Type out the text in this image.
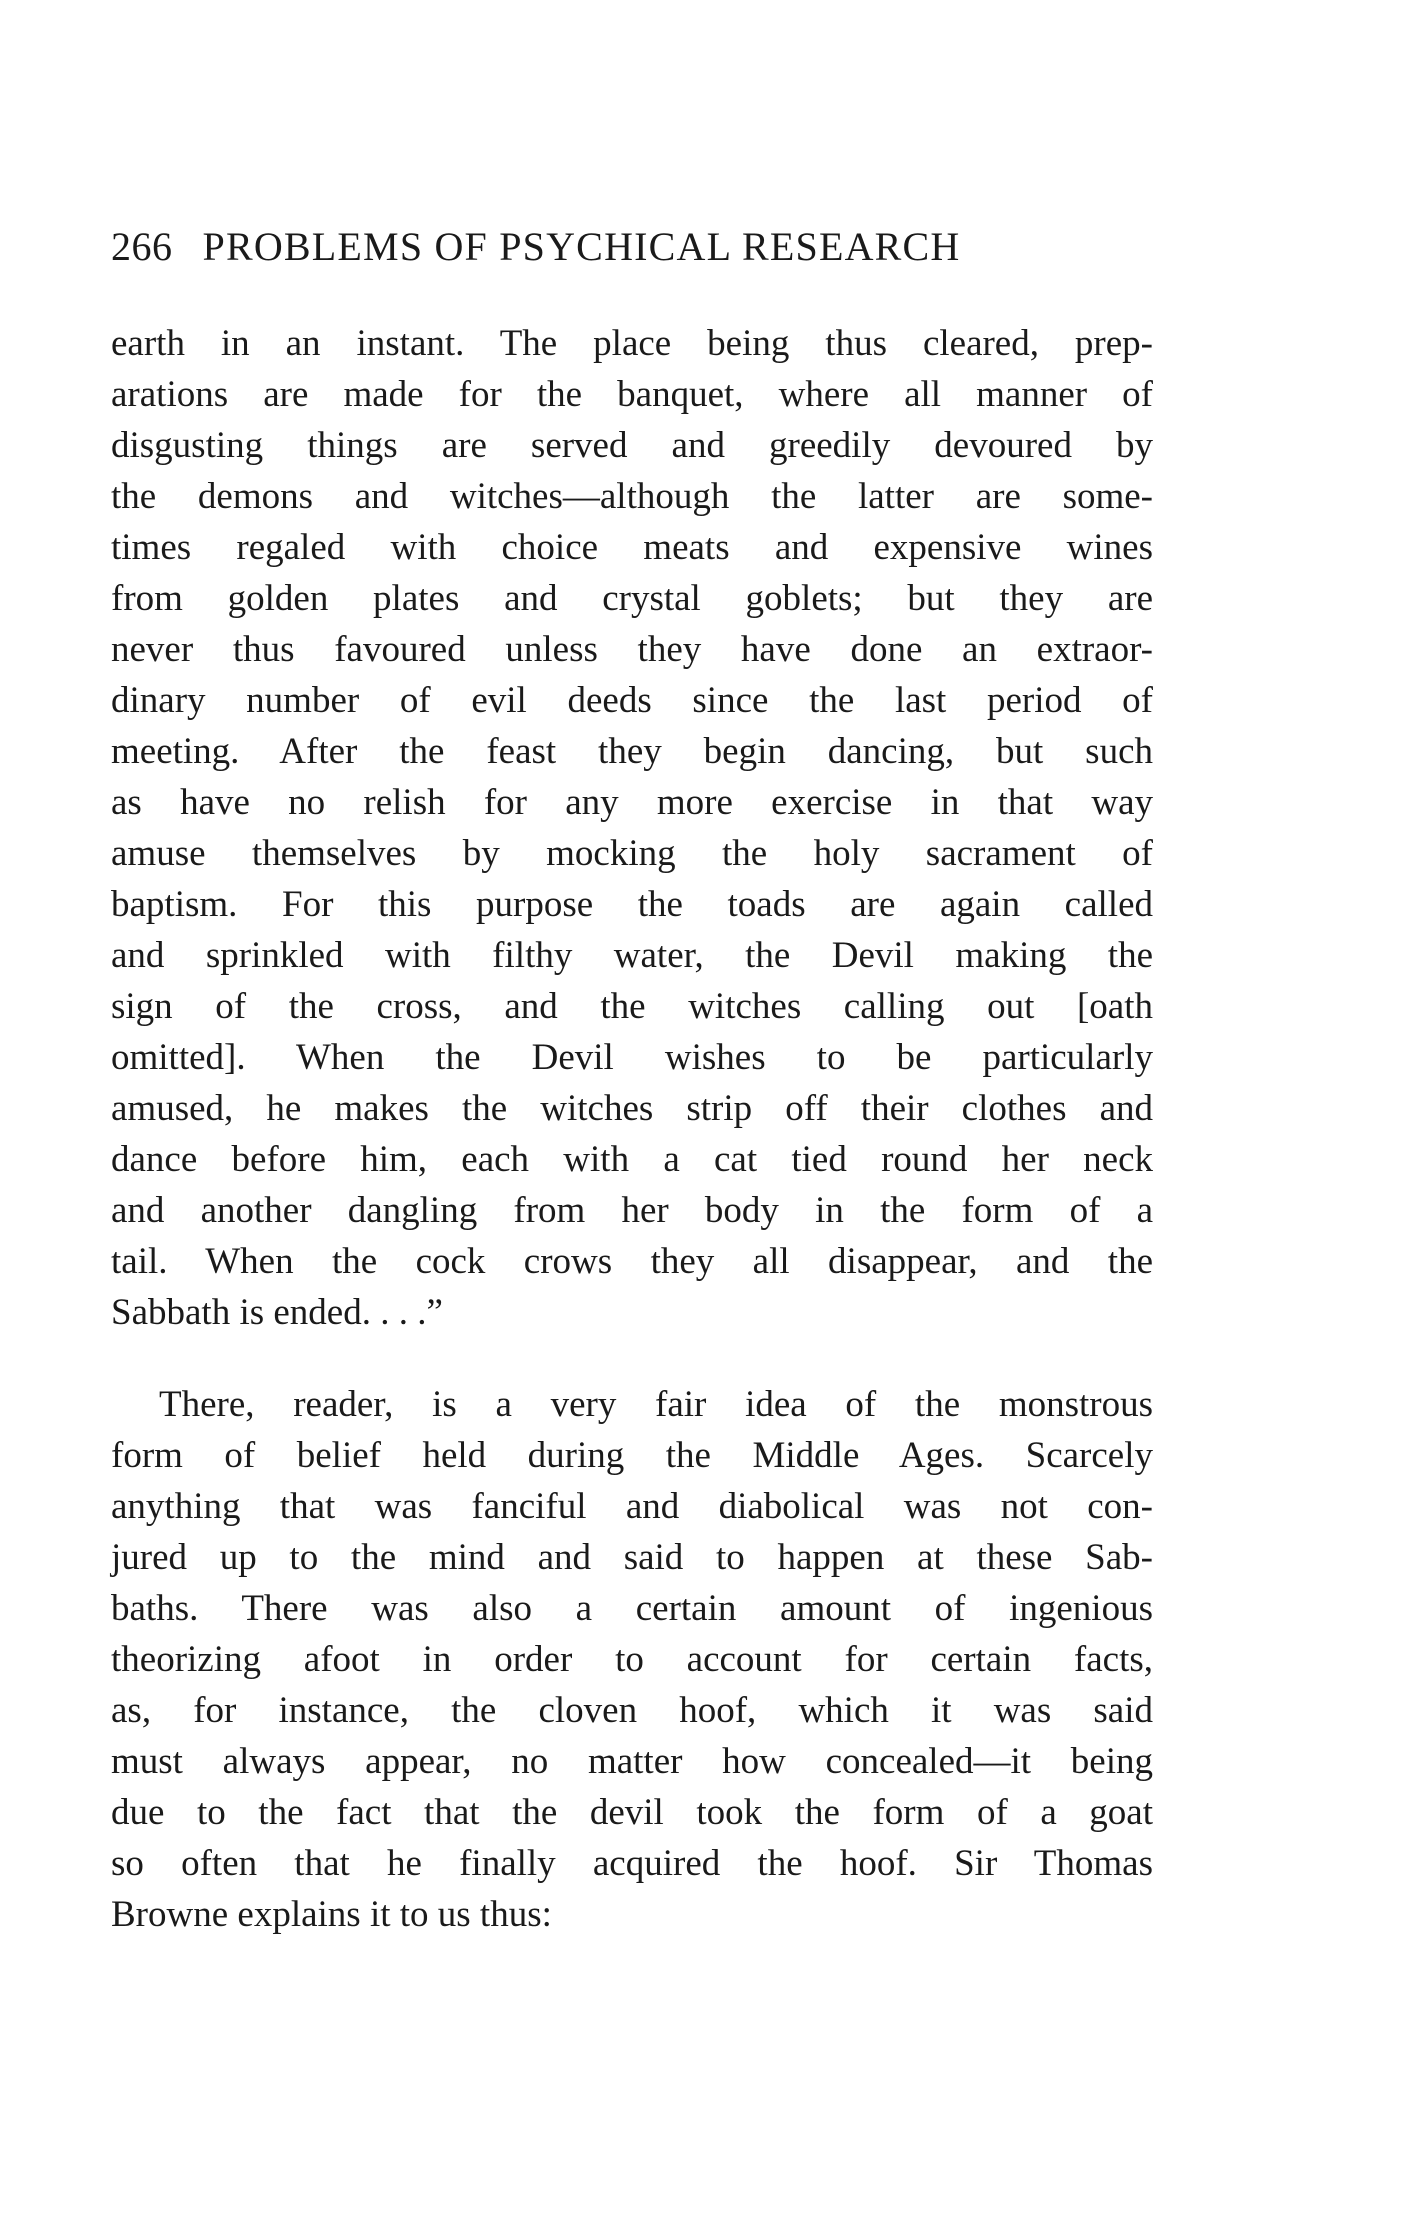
266 PROBLEMS OF PSYCHICAL RESEARCH
earth in an instant. The place being thus cleared, prep-
arations are made for the banquet, where all manner of
disgusting things are served and greedily devoured by
the demons and witches—although the latter are some-
times regaled with choice meats and expensive wines
from golden plates and crystal goblets; but they are
never thus favoured unless they have done an extraor-
dinary number of evil deeds since the last period of
meeting. After the feast they begin dancing, but such
as have no relish for any more exercise in that way
amuse themselves by mocking the holy sacrament of
baptism. For this purpose the toads are again called
and sprinkled with filthy water, the Devil making the
sign of the cross, and the witches calling out [oath
omitted]. When the Devil wishes to be particularly
amused, he makes the witches strip off their clothes and
dance before him, each with a cat tied round her neck
and another dangling from her body in the form of a
tail. When the cock crows they all disappear, and the
Sabbath is ended. . . .”
There, reader, is a very fair idea of the monstrous
form of belief held during the Middle Ages. Scarcely
anything that was fanciful and diabolical was not con-
jured up to the mind and said to happen at these Sab-
baths. There was also a certain amount of ingenious
theorizing afoot in order to account for certain facts,
as, for instance, the cloven hoof, which it was said
must always appear, no matter how concealed—it being
due to the fact that the devil took the form of a goat
so often that he finally acquired the hoof. Sir Thomas
Browne explains it to us thus:
